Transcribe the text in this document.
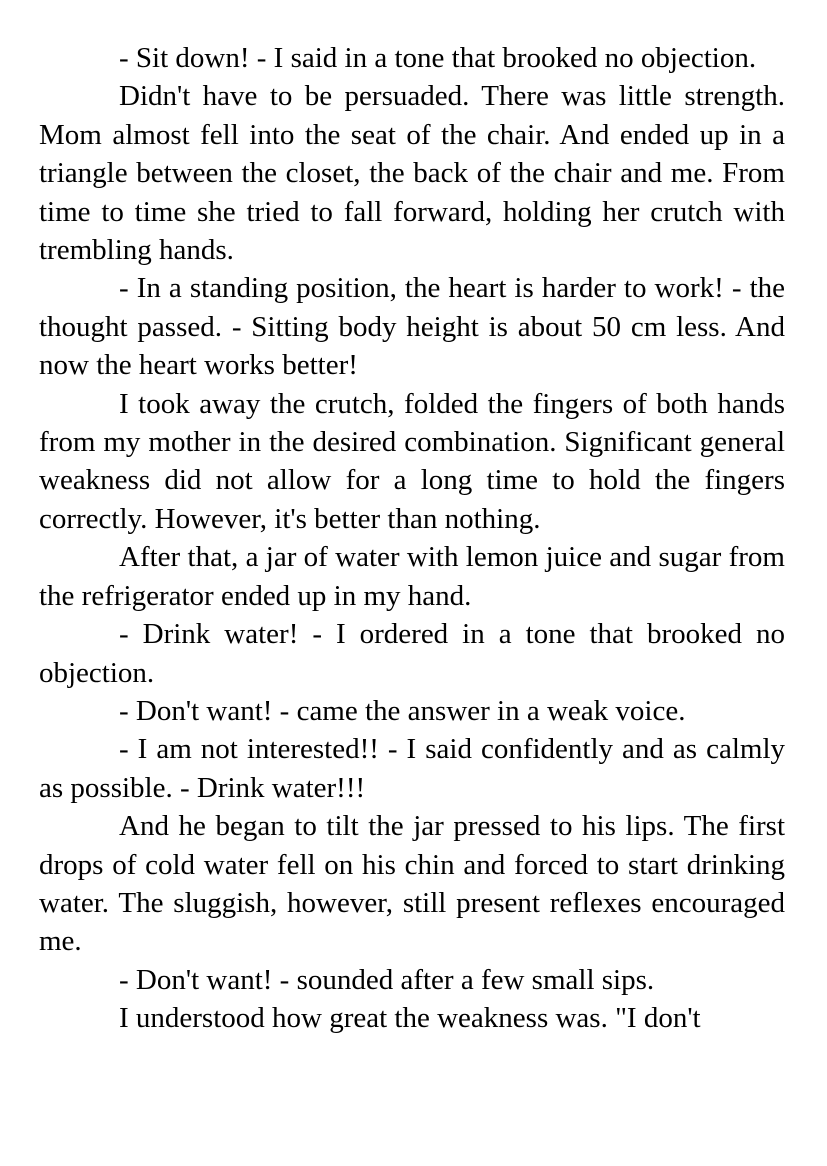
- Sit down! - I said in a tone that brooked no objection.

Didn't have to be persuaded. There was little strength. Mom almost fell into the seat of the chair. And ended up in a triangle between the closet, the back of the chair and me. From time to time she tried to fall forward, holding her crutch with trembling hands.

- In a standing position, the heart is harder to work! - the thought passed. - Sitting body height is about 50 cm less. And now the heart works better!

I took away the crutch, folded the fingers of both hands from my mother in the desired combination. Significant general weakness did not allow for a long time to hold the fingers correctly. However, it's better than nothing.

After that, a jar of water with lemon juice and sugar from the refrigerator ended up in my hand.

- Drink water! - I ordered in a tone that brooked no objection.

- Don't want! - came the answer in a weak voice.

- I am not interested!! - I said confidently and as calmly as possible. - Drink water!!!

And he began to tilt the jar pressed to his lips. The first drops of cold water fell on his chin and forced to start drinking water. The sluggish, however, still present reflexes encouraged me.

- Don't want! - sounded after a few small sips.

I understood how great the weakness was. "I don't
